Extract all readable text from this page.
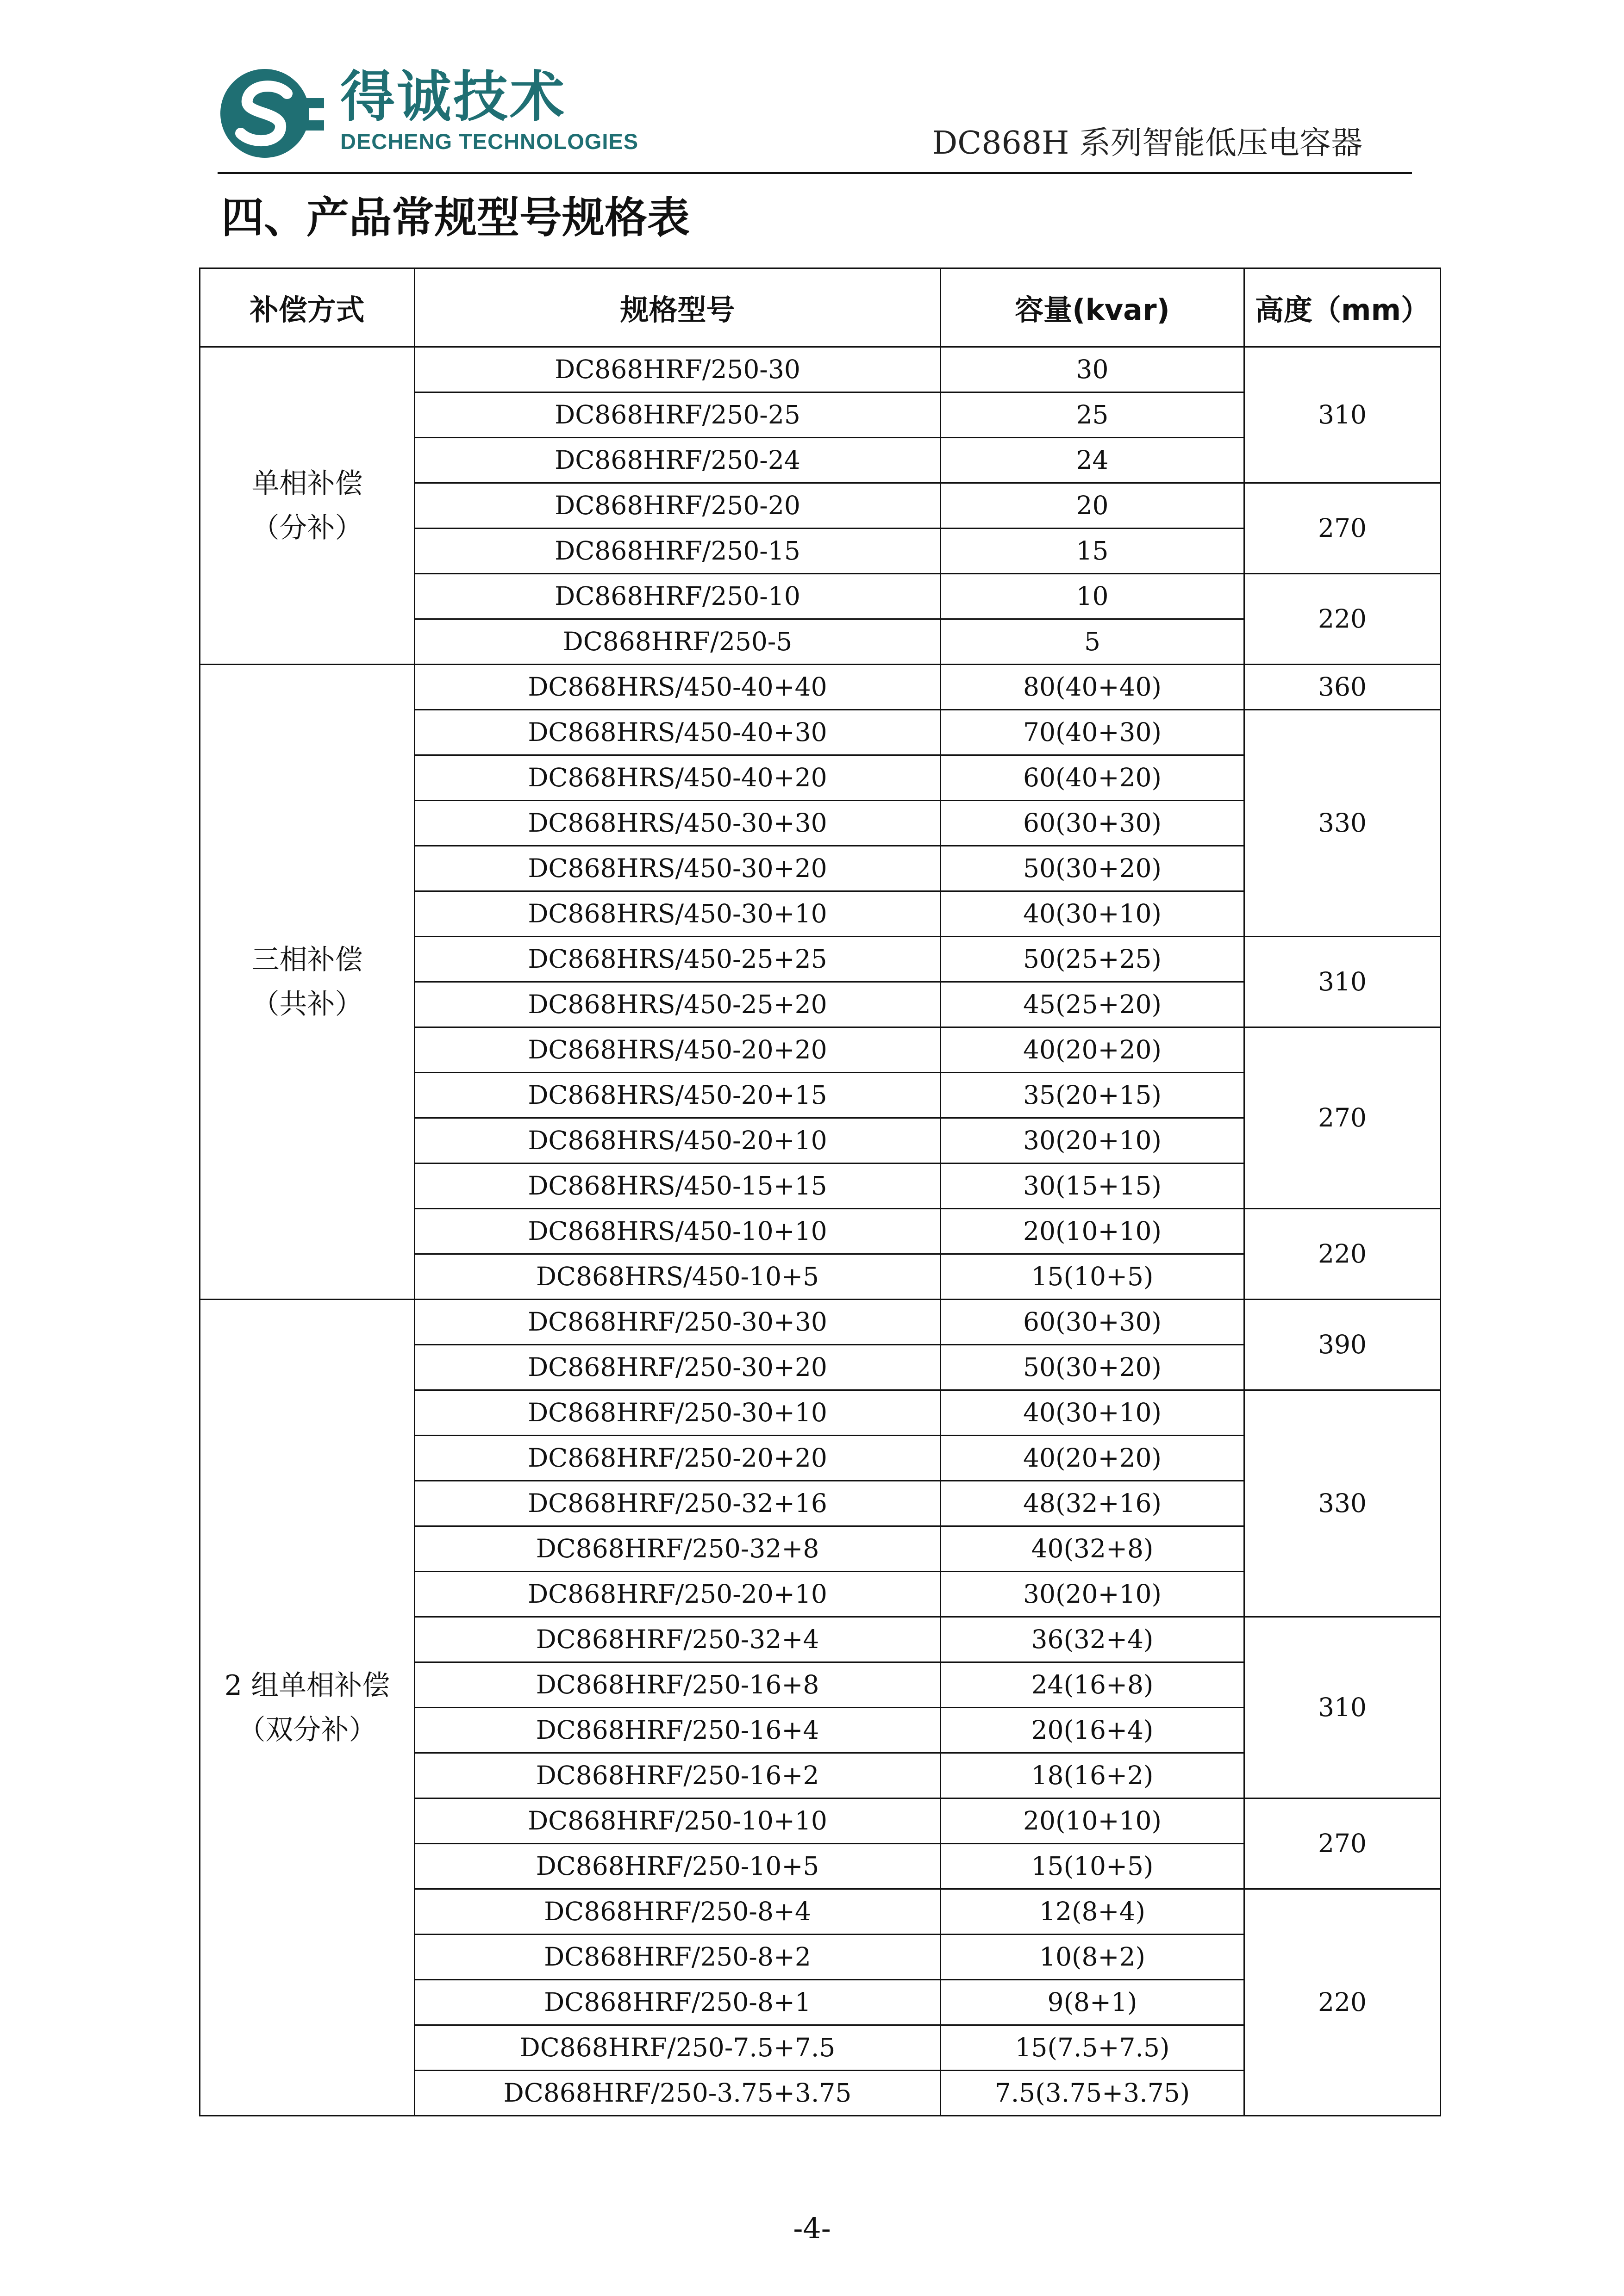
得诚技术
DECHENG TECHNOLOGIES	DC868H 系列智能低压电容器
四、产品常规型号规格表
补偿方式	规格型号	容量(kvar)	高度（mm）

单相补偿
（分补）	DC868HRF/250-30	30	310
	DC868HRF/250-25	25	
	DC868HRF/250-24	24	
	DC868HRF/250-20	20	270
	DC868HRF/250-15	15	
	DC868HRF/250-10	10	220
	DC868HRF/250-5	5	

三相补偿
（共补）	DC868HRS/450-40+40	80(40+40)	360
	DC868HRS/450-40+30	70(40+30)	330
	DC868HRS/450-40+20	60(40+20)	
	DC868HRS/450-30+30	60(30+30)	
	DC868HRS/450-30+20	50(30+20)	
	DC868HRS/450-30+10	40(30+10)	
	DC868HRS/450-25+25	50(25+25)	310
	DC868HRS/450-25+20	45(25+20)	
	DC868HRS/450-20+20	40(20+20)	270
	DC868HRS/450-20+15	35(20+15)	
	DC868HRS/450-20+10	30(20+10)	
	DC868HRS/450-15+15	30(15+15)	
	DC868HRS/450-10+10	20(10+10)	220
	DC868HRS/450-10+5	15(10+5)	

2 组单相补偿
（双分补）	DC868HRF/250-30+30	60(30+30)	390
	DC868HRF/250-30+20	50(30+20)	
	DC868HRF/250-30+10	40(30+10)	330
	DC868HRF/250-20+20	40(20+20)	
	DC868HRF/250-32+16	48(32+16)	
	DC868HRF/250-32+8	40(32+8)	
	DC868HRF/250-20+10	30(20+10)	
	DC868HRF/250-32+4	36(32+4)	310
	DC868HRF/250-16+8	24(16+8)	
	DC868HRF/250-16+4	20(16+4)	
	DC868HRF/250-16+2	18(16+2)	
	DC868HRF/250-10+10	20(10+10)	270
	DC868HRF/250-10+5	15(10+5)	
	DC868HRF/250-8+4	12(8+4)	220
	DC868HRF/250-8+2	10(8+2)	
	DC868HRF/250-8+1	9(8+1)	
	DC868HRF/250-7.5+7.5	15(7.5+7.5)	
	DC868HRF/250-3.75+3.75	7.5(3.75+3.75)	
-4-
